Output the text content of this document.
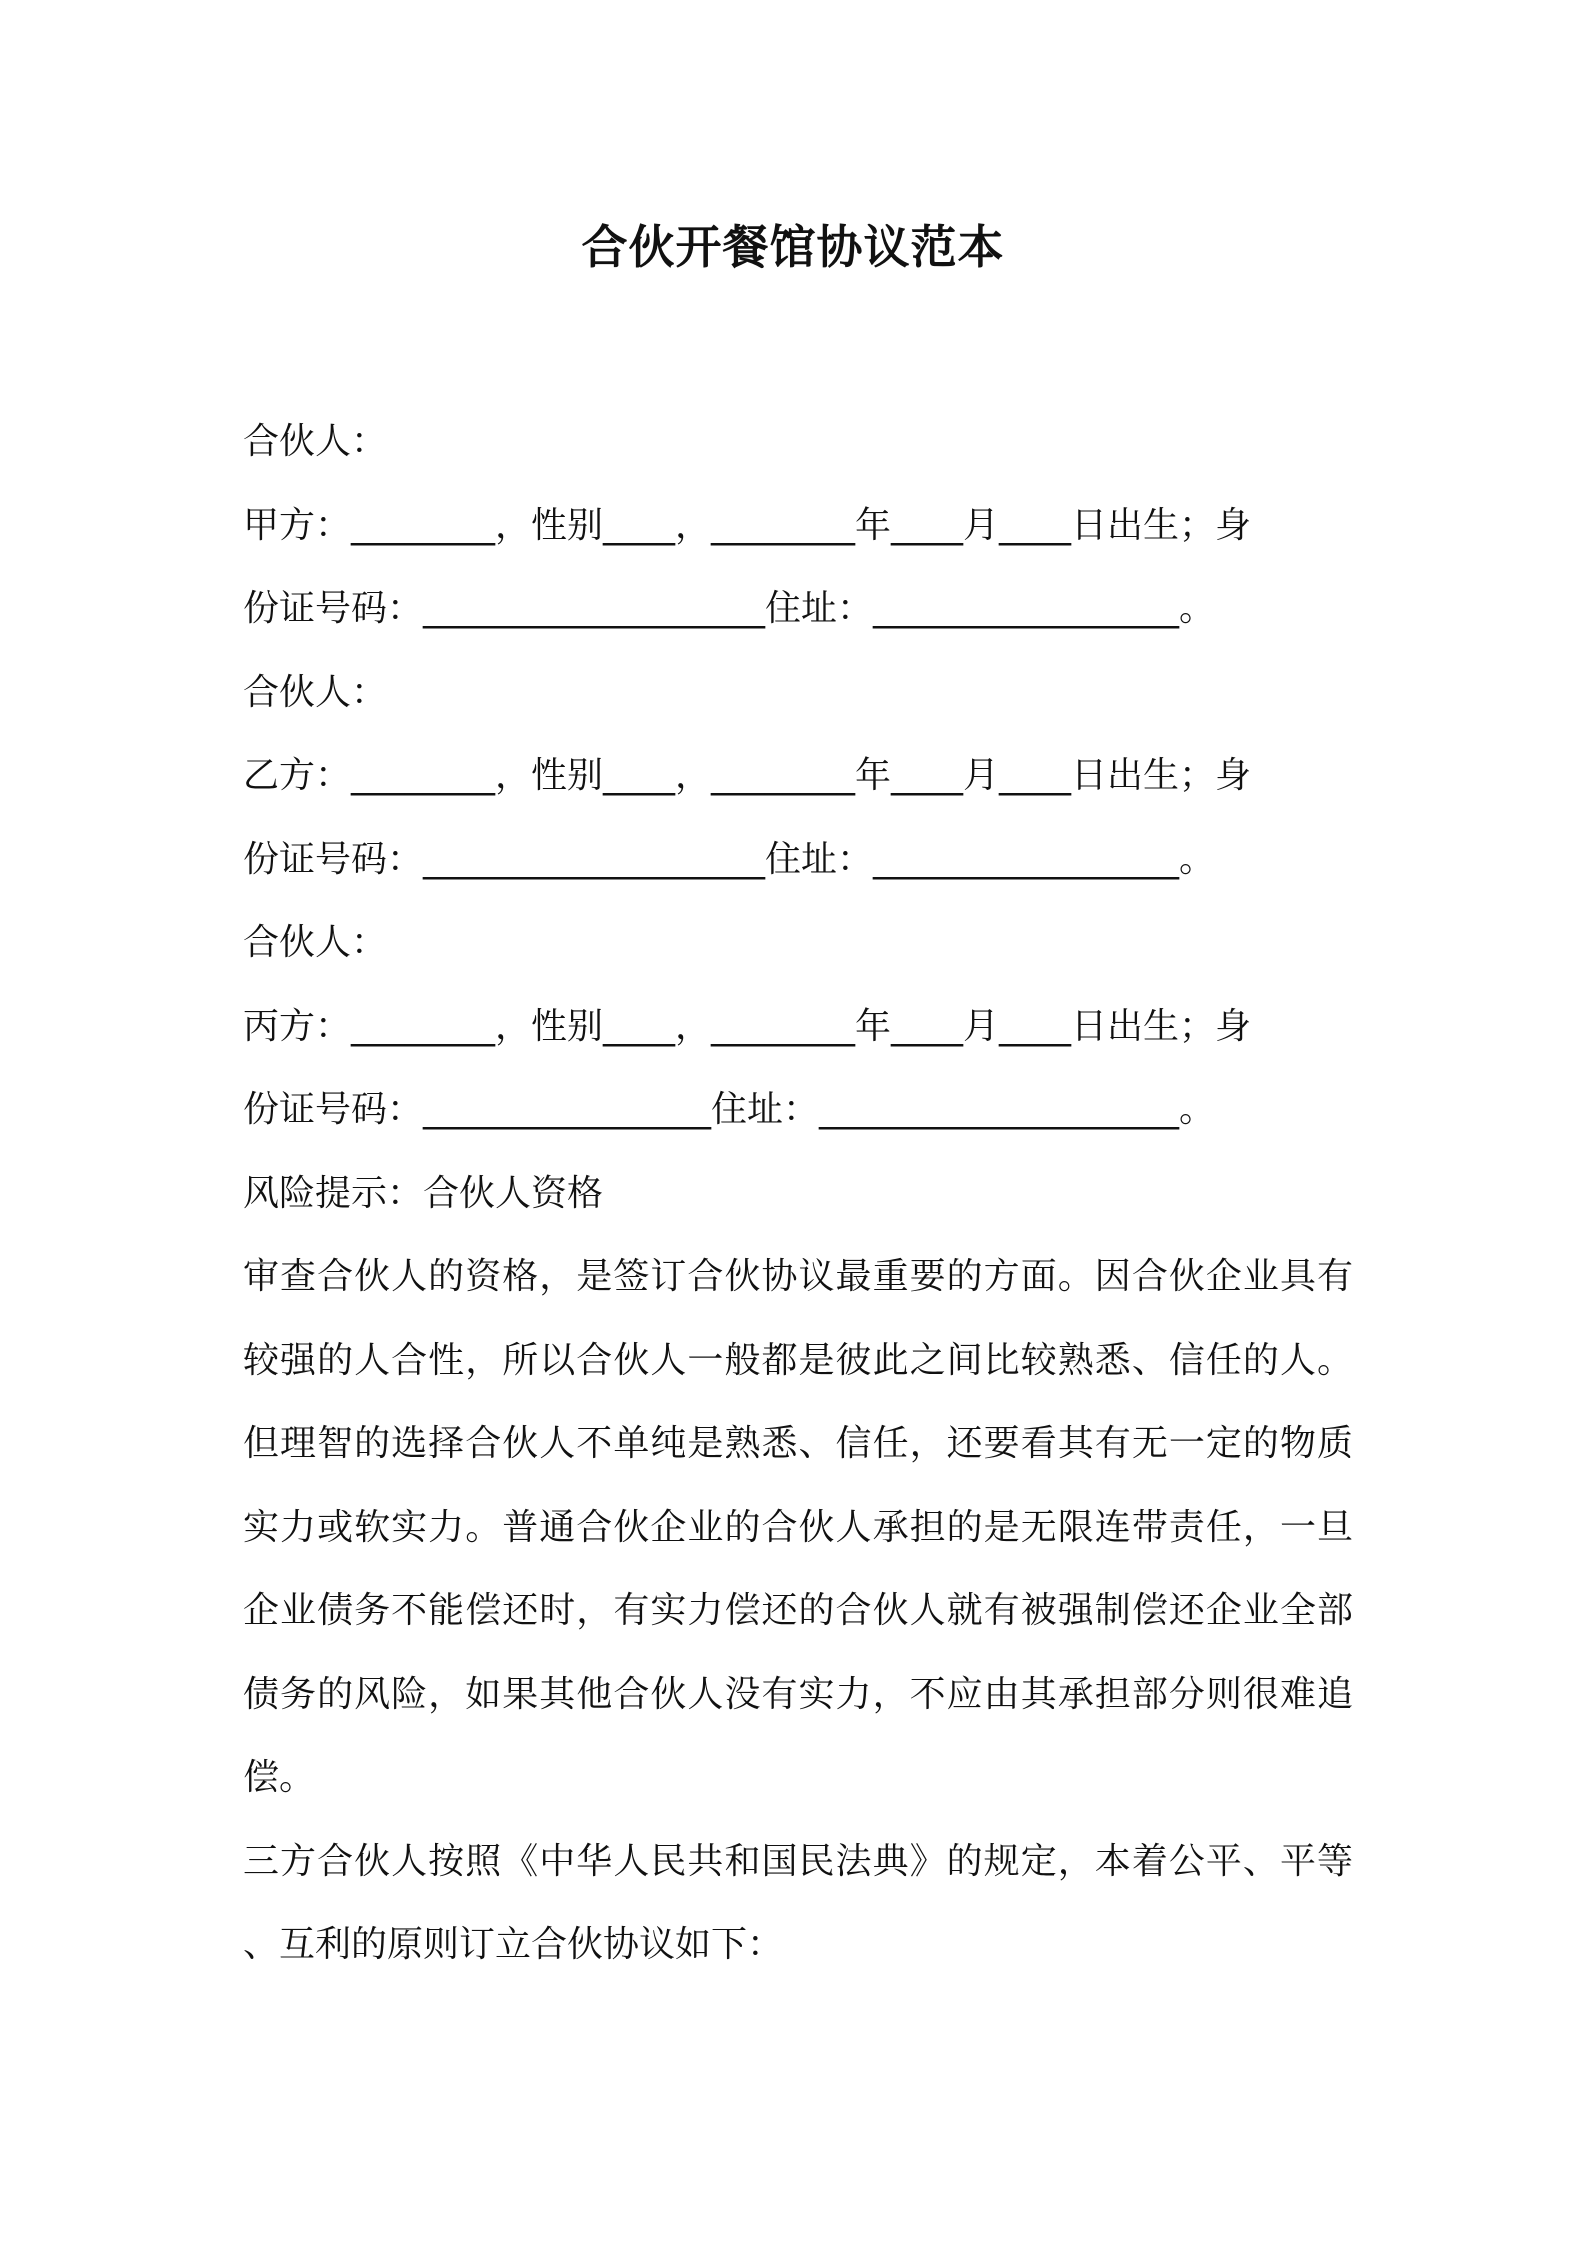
合伙开餐馆协议范本
合伙人：
甲方：________，性别____，________年____月____日出生；身
份证号码：___________________住址：_________________。
合伙人：
乙方：________，性别____，________年____月____日出生；身
份证号码：___________________住址：_________________。
合伙人：
丙方：________，性别____，________年____月____日出生；身
份证号码：________________住址：____________________。
风险提示：合伙人资格
审查合伙人的资格，是签订合伙协议最重要的方面。因合伙企业具有较强的人合性，所以合伙人一般都是彼此之间比较熟悉、信任的人。但理智的选择合伙人不单纯是熟悉、信任，还要看其有无一定的物质实力或软实力。普通合伙企业的合伙人承担的是无限连带责任，一旦企业债务不能偿还时，有实力偿还的合伙人就有被强制偿还企业全部债务的风险，如果其他合伙人没有实力，不应由其承担部分则很难追偿。
三方合伙人按照《中华人民共和国民法典》的规定，本着公平、平等、互利的原则订立合伙协议如下：
